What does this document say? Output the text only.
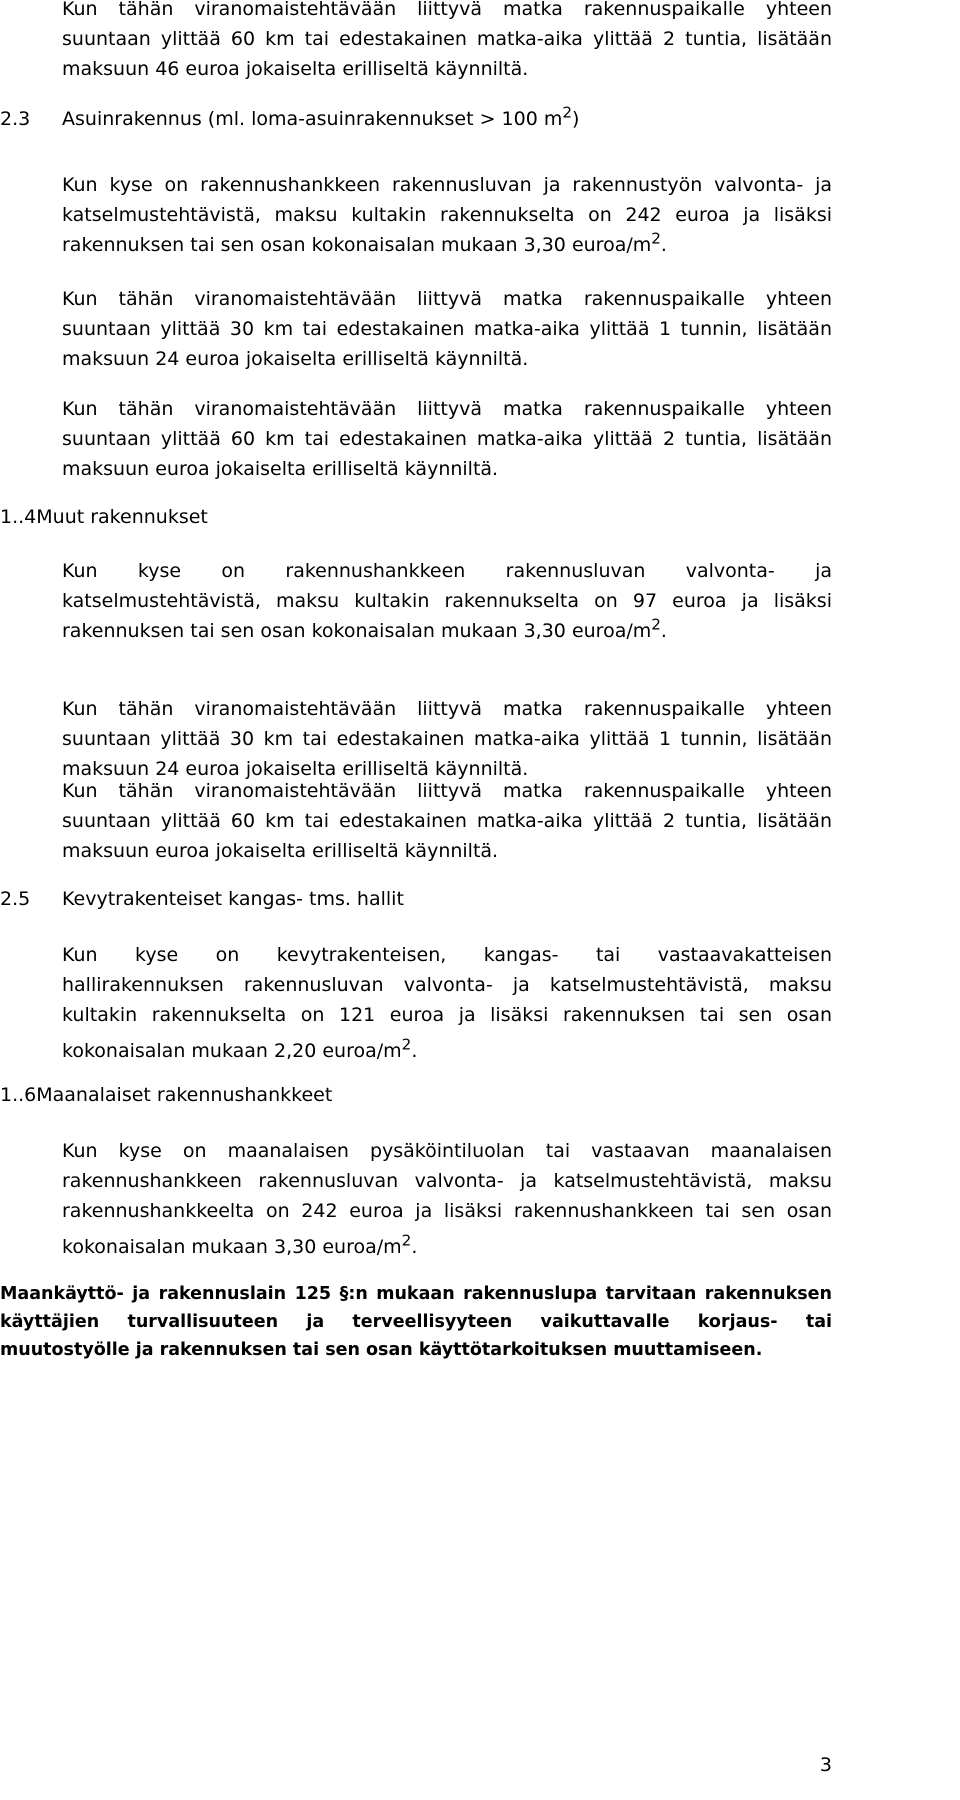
Kun tähän viranomaistehtävään liittyvä matka rakennuspaikalle yhteen
suuntaan ylittää 60 km tai edestakainen matka-aika ylittää 2 tuntia, lisätään
maksuun 46 euroa jokaiselta erilliseltä käynniltä.
2.3 Asuinrakennus (ml. loma-asuinrakennukset > 100 $m^2$)
Kun kyse on rakennushankkeen rakennusluvan ja rakennustyön valvonta- ja
katselmustehtävistä, maksu kultakin rakennukselta on 242 euroa ja lisäksi
rakennuksen tai sen osan kokonaisalan mukaan 3,30 euroa/$m^2$.
Kun tähän viranomaistehtävään liittyvä matka rakennuspaikalle yhteen
suuntaan ylittää 30 km tai edestakainen matka-aika ylittää 1 tunnin, lisätään
maksuun 24 euroa jokaiselta erilliseltä käynniltä.
Kun tähän viranomaistehtävään liittyvä matka rakennuspaikalle yhteen
suuntaan ylittää 60 km tai edestakainen matka-aika ylittää 2 tuntia, lisätään
maksuun euroa jokaiselta erilliseltä käynniltä.
1..4Muut rakennukset
Kun kyse on rakennushankkeen rakennusluvan valvonta- ja
katselmustehtävistä, maksu kultakin rakennukselta on 97 euroa ja lisäksi
rakennuksen tai sen osan kokonaisalan mukaan 3,30 euroa/$m^2$.
Kun tähän viranomaistehtävään liittyvä matka rakennuspaikalle yhteen
suuntaan ylittää 30 km tai edestakainen matka-aika ylittää 1 tunnin, lisätään
maksuun 24 euroa jokaiselta erilliseltä käynniltä.
Kun tähän viranomaistehtävään liittyvä matka rakennuspaikalle yhteen
suuntaan ylittää 60 km tai edestakainen matka-aika ylittää 2 tuntia, lisätään
maksuun euroa jokaiselta erilliseltä käynniltä.
2.5 Kevytrakenteiset kangas- tms. hallit
Kun kyse on kevytrakenteisen, kangas- tai vastaavakatteisen
hallirakennuksen rakennusluvan valvonta- ja katselmustehtävistä, maksu
kultakin rakennukselta on 121 euroa ja lisäksi rakennuksen tai sen osan
kokonaisalan mukaan 2,20 euroa/$m^2$.
1..6Maanalaiset rakennushankkeet
Kun kyse on maanalaisen pysäköintiluolan tai vastaavan maanalaisen
rakennushankkeen rakennusluvan valvonta- ja katselmustehtävistä, maksu
rakennushankkeelta on 242 euroa ja lisäksi rakennushankkeen tai sen osan
kokonaisalan mukaan 3,30 euroa/$m^2$.
Maankäyttö- ja rakennuslain 125 §:n mukaan rakennuslupa tarvitaan rakennuksen
käyttäjien turvallisuuteen ja terveellisyyteen vaikuttavalle korjaus- tai
muutostyölle ja rakennuksen tai sen osan käyttötarkoituksen muuttamiseen.
3
